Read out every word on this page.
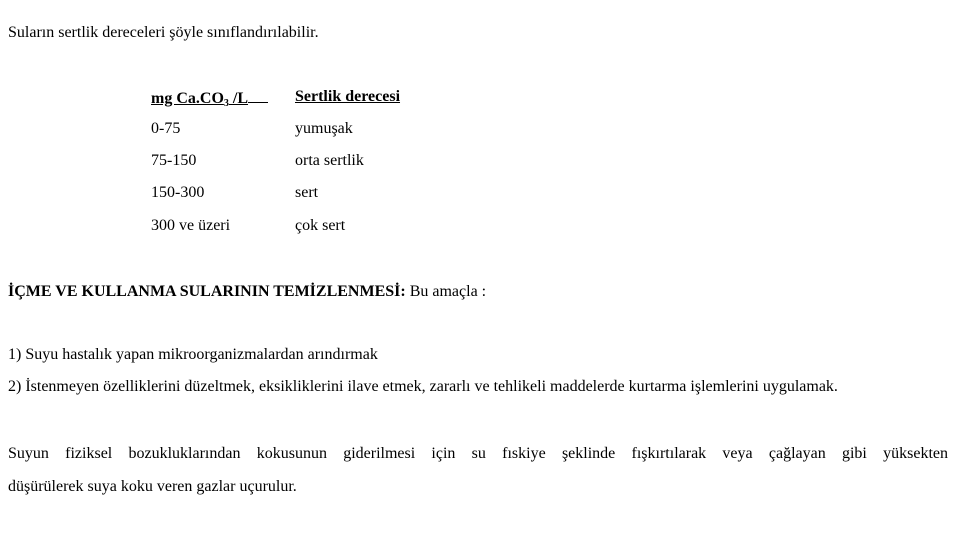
Suların sertlik dereceleri şöyle sınıflandırılabilir.
mg $Ca.CO_3$ /L	Sertlik derecesi
0-75	yumuşak
75-150	orta sertlik
150-300	sert
300 ve üzeri	çok sert
İÇME VE KULLANMA SULARININ TEMİZLENMESİ: Bu amaçla :
1) Suyu hastalık yapan mikroorganizmalardan arındırmak
2) İstenmeyen özelliklerini düzeltmek, eksikliklerini ilave etmek, zararlı ve tehlikeli maddelerde kurtarma işlemlerini uygulamak.
Suyun fiziksel bozukluklarından kokusunun giderilmesi için su fıskiye şeklinde fışkırtılarak veya çağlayan gibi yüksekten
düşürülerek suya koku veren gazlar uçurulur.
